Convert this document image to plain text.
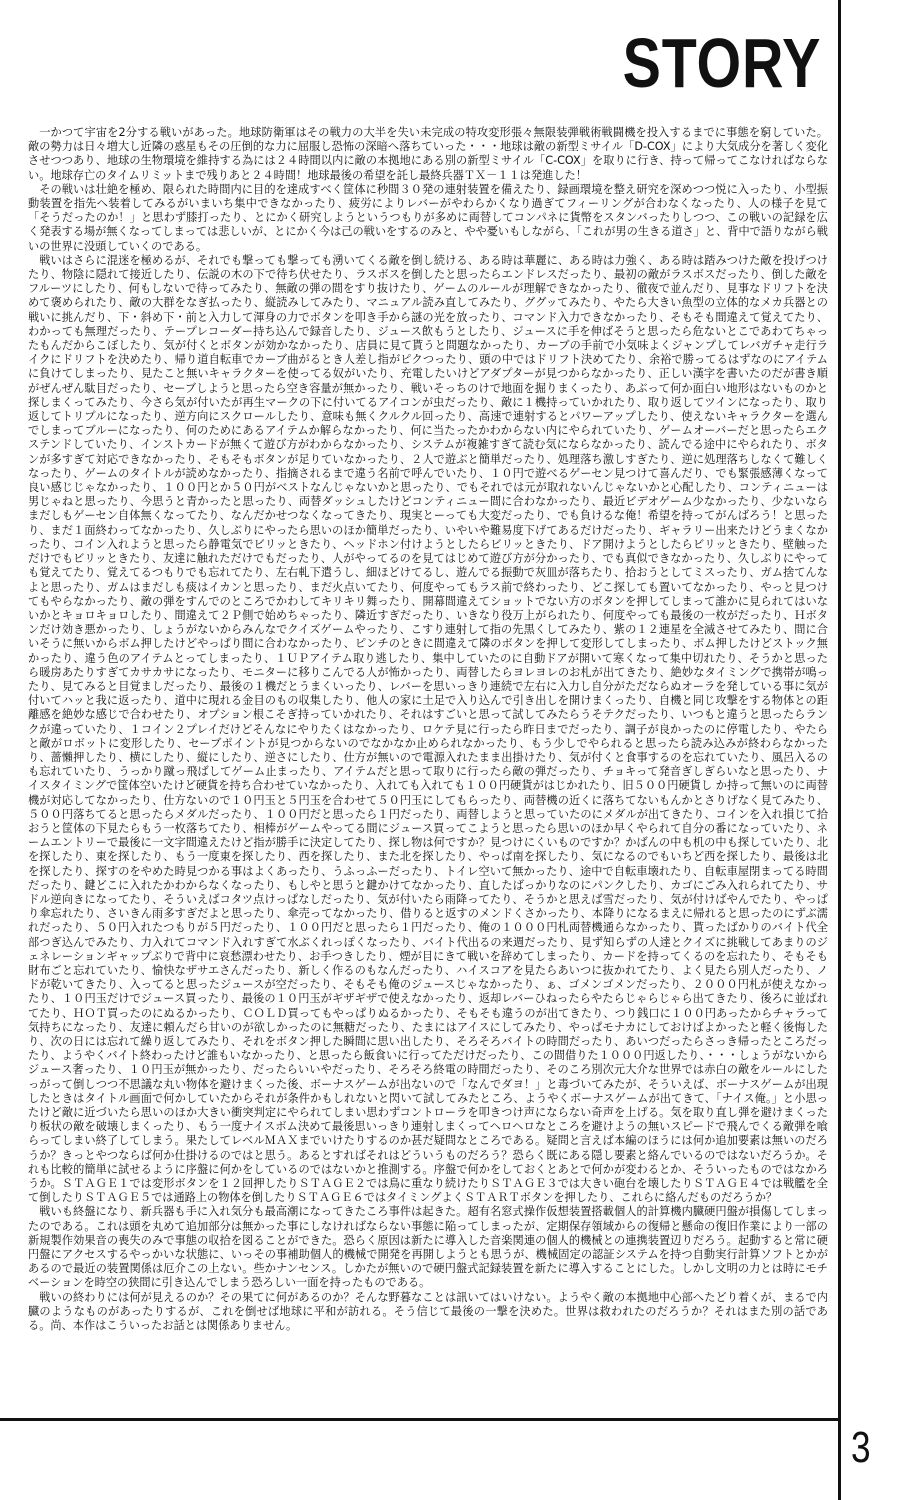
STORY
3

一かつて宇宙を2分する戦いがあった。地球防衛軍はその戦力の大半を失い未完成の特攻変形張々無限装弾戦術戦闘機を投入するまでに事態を窮していた。敵の勢力は日々増大し近隣の惑星もその圧倒的な力に屈服し恐怖の深暗へ落ちていった・・・地球は敵の新型ミサイル「D-COX」により大気成分を著しく変化させつつあり、地球の生物環境を維持する為には２４時間以内に敵の本拠地にある別の新型ミサイル「C-COX」を取りに行き、持って帰ってこなければならない。地球存亡のタイムリミットまで残りあと２４時間！地球最後の希望を託し最終兵器ＴＸ－１１は発進した！

その戦いは壮絶を極め、限られた時間内に目的を達成すべく筐体に秒間３０発の連射装置を備えたり、録画環境を整え研究を深めつつ悦に入ったり、小型振動装置を指先へ装着してみるがいまいち集中できなかったり、疲労によりレバーがやわらかくなり過ぎてフィーリングが合わなくなったり、人の様子を見て「そうだったのか！」と思わず膝打ったり、とにかく研究しようというつもりが多めに両替してコンパネに貨幣をスタンバったりしつつ、この戦いの記録を広く発表する場が無くなってしまっては悲しいが、とにかく今は己の戦いをするのみと、やや憂いもしながら、「これが男の生きる道さ」と、背中で語りながら戦いの世界に没頭していくのである。

戦いはさらに混迷を極めるが、それでも撃っても撃っても湧いてくる敵を倒し続ける、ある時は華麗に、ある時は力強く、ある時は踏みつけた敵を投げつけたり、物陰に隠れて接近したり、伝説の木の下で待ち伏せたり、ラスボスを倒したと思ったらエンドレスだったり、最初の敵がラスボスだったり、倒した敵をフルーツにしたり、何もしないで待ってみたり、無敵の弾の間をすり抜けたり、ゲームのルールが理解できなかったり、徹夜で並んだり、見事なドリフトを決めて褒められたり、敵の大群をなぎ払ったり、縦読みしてみたり、マニュアル読み直してみたり、ググッてみたり、やたら大きい魚型の立体的なメカ兵器との戦いに挑んだり、下・斜め下・前と入力して渾身の力でボタンを叩き手から謎の光を放ったり、コマンド入力できなかったり、そもそも間違えて覚えてたり、わかっても無理だったり、テープレコーダー持ち込んで録音したり、ジュース飲もうとしたり、ジュースに手を伸ばそうと思ったら危ないとこであわてちゃったもんだからこぼしたり、気が付くとボタンが効かなかったり、店員に見て貰うと問題なかったり、カーブの手前で小気味よくジャンプしてレバガチャ走行ライクにドリフトを決めたり、帰り道自転車でカーブ曲がるとき人差し指がピクつったり、頭の中ではドリフト決めてたり、余裕で勝ってるはずなのにアイテムに負けてしまったり、見たこと無いキャラクターを使ってる奴がいたり、充電したいけどアダプターが見つからなかったり、正しい漢字を書いたのだが書き順がぜんぜん駄目だったり、セーブしようと思ったら空き容量が無かったり、戦いそっちのけで地面を掘りまくったり、あぶって何か面白い地形はないものかと探しまくってみたり、今さら気が付いたが再生マークの下に付いてるアイコンが虫だったり、敵に１機持っていかれたり、取り返してツインになったり、取り返してトリプルになったり、逆方向にスクロールしたり、意味も無くクルクル回ったり、高速で連射するとパワーアップしたり、使えないキャラクターを選んでしまってブルーになったり、何のためにあるアイテムか解らなかったり、何に当たったかわからない内にやられていたり、ゲームオーバーだと思ったらエクステンドしていたり、インストカードが無くて遊び方がわからなかったり、システムが複雑すぎて読む気にならなかったり、読んでる途中にやられたり、ボタンが多すぎて対応できなかったり、そもそもボタンが足りていなかったり、２人で遊ぶと簡単だったり、処理落ち激しすぎたり、逆に処理落ちしなくて難しくなったり、ゲームのタイトルが読めなかったり、指摘されるまで違う名前で呼んでいたり、１０円で遊べるゲーセン見つけて喜んだり、でも緊張感薄くなって良い感じじゃなかったり、１００円とか５０円がベストなんじゃないかと思ったり、でもそれでは元が取れないんじゃないかと心配したり、コンティニューは男じゃねと思ったり、今思うと青かったと思ったり、両替ダッシュしたけどコンティニュー間に合わなかったり、最近ビデオゲーム少なかったり、少ないならまだしもゲーセン自体無くなってたり、なんだかせつなくなってきたり、現実とーっても大変だったり、でも負けるな俺！希望を持ってがんばろう！と思ったり、まだ１面終わってなかったり、久しぶりにやったら思いのほか簡単だったり、いやいや難易度下げてあるだけだったり、ギャラリー出来たけどうまくなかったり、コイン入れようと思ったら静電気でビリッときたり、ヘッドホン付けようとしたらビリッときたり、ドア開けようとしたらビリッときたり、壁触っただけでもビリッときたり、友達に触れただけでもだったり、人がやってるのを見てはじめて遊び方が分かったり、でも真似できなかったり、久しぶりにやっても覚えてたり、覚えてるつもりでも忘れてたり、左右軋下遣うし、細ほどけてるし、遊んでる振動で灰皿が落ちたり、拾おうとしてミスったり、ガム捨てんなよと思ったり、ガムはまだしも痰はイカンと思ったり、まだ火点いてたり、何度やってもラス前で終わったり、どこ探しても置いてなかったり、やっと見つけてもやらなかったり、敵の弾をすんでのところでかわしてキリキリ舞ったり、開幕間違えてショットでない方のボタンを押してしまって誰かに見られてはいないかとキョロキョロしたり、間違えて２Ｐ側で始めちゃったり、隣近すぎだったり、いきなり役万上がられたり、何度やっても最後の一枚がだったり、Ｈボタンだけ効き悪かったり、しょうがないからみんなでクイズゲームやったり、こすり連射して指の先黒くしてみたり、紫の１２連星を全滅させてみたり、間に合いそうに無いからボム押したけどやっぱり間に合わなかったり、ピンチのときに間違えて隣のボタンを押して変形してしまったり、ボム押したけどストック無かったり、違う色のアイテムとってしまったり、１ＵＰアイテム取り逃したり、集中していたのに自動ドアが開いて寒くなって集中切れたり、そうかと思ったら暖房あたりすぎてカサカサになったり、モニターに移りこんでる人が怖かったり、両替したらヨレヨレのお札が出てきたり、絶妙なタイミングで携帯が鳴ったり、見てみると目覚ましだったり、最後の１機だとうまくいったり、レバーを思いっきり連続で左右に入力し自分がただならぬオーラを発している事に気が付いてハッと我に返ったり、道中に現れる金目のもの収集したり、他人の家に土足で入り込んで引き出しを開けまくったり、自機と同じ攻撃をする物体との距離感を絶妙な感じで合わせたり、オプション根こそぎ持っていかれたり、それはすごいと思って試してみたらうそテクだったり、いつもと違うと思ったらランクが違っていたり、１コイン２プレイだけどそんなにやりたくはなかったり、ロケテ見に行ったら昨日までだったり、調子が良かったのに停電したり、やたらと敵がロボットに変形したり、セーブポイントが見つからないのでなかなか止められなかったり、もう少しでやられると思ったら読み込みが終わらなかったり、蔷懶押したり、横にしたり、縦にしたり、逆さにしたり、仕方が無いので電源入れたまま出掛けたり、気が付くと食事するのを忘れていたり、風呂入るのも忘れていたり、うっかり蹴っ飛ばしてゲーム止まったり、アイテムだと思って取りに行ったら敵の弾だったり、チョキって発音ぎしぎらいなと思ったり、ナイスタイミングで筐体空いたけど硬貨を持ち合わせていなかったり、入れても入れても１００円硬貨がはじかれたり、旧５００円硬貨し か持って無いのに両替機が対応してなかったり、仕方ないので１０円玉と５円玉を合わせて５０円玉にしてもらったり、両替機の近くに落ちてないもんかとさりげなく見てみたり、５００円落ちてると思ったらメダルだったり、１００円だと思ったら１円だったり、両替しようと思っていたのにメダルが出てきたり、コインを入れ損じて拾おうと筐体の下見たらもう一枚落ちてたり、相棒がゲームやってる間にジュース買ってこようと思ったら思いのほか早くやられて自分の番になっていたり、ネームエントリーで最後に一文字間違えたけど指が勝手に決定してたり、探し物は何ですか？見つけにくいものですか？かばんの中も机の中も探していたり、北を探したり、東を探したり、もう一度東を探したり、西を探したり、また北を探したり、やっぱ南を探したり、気になるのでもいちど西を探したり、最後は北を探したり、探すのをやめた時見つかる事はよくあったり、うふっふーだったり、トイレ空いて無かったり、途中で自転車壊れたり、自転車屋閉まってる時間だったり、鍵どこに入れたかわからなくなったり、もしやと思うと鍵かけてなかったり、直したばっかりなのにパンクしたり、カゴにごみ入れられてたり、サドル逆向きになってたり、そういえばコタツ点けっぱなしだったり、気が付いたら雨降ってたり、そうかと思えば雪だったり、気が付けばやんでたり、やっぱり傘忘れたり、さいきん雨多すぎだよと思ったり、傘売ってなかったり、借りると返すのメンドくさかったり、本降りになるまえに帰れると思ったのにずぶ濡れだったり、５０円入れたつもりが５円だったり、１００円だと思ったら１円だったり、俺の１０００円札両替機通らなかったり、貰ったばかりのバイト代全部つぎ込んでみたり、力入れてコマンド入れすぎて水ぶくれっぽくなったり、バイト代出るの来週だったり、見ず知らずの人達とクイズに挑戦してあまりのジェネレーションギャップぶりで背中に哀愁漂わせたり、お手つきしたり、煙が目にきて戦いを辞めてしまったり、カードを持ってくるのを忘れたり、そもそも財布ごと忘れていたり、愉快なザサエさんだったり、新しく作るのもなんだったり、ハイスコアを見たらあいつに抜かれてたり、よく見たら別人だったり、ノドが乾いてきたり、入ってると思ったジュースが空だったり、そもそも俺のジュースじゃなかったり、ぁ、ゴメンゴメンだったり、２０００円札が使えなかったり、１０円玉だけでジュース買ったり、最後の１０円玉がギザギザで使えなかったり、返却レバーひねったらやたらじゃらじゃら出てきたり、後ろに並ばれてたり、ＨＯＴ買ったのにぬるかったり、ＣＯＬＤ買ってもやっぱりぬるかったり、そもそも違うのが出てきたり、つり銭口に１００円あったからチャラって気持ちになったり、友達に頼んだら甘いのが欲しかったのに無糖だったり、たまにはアイスにしてみたり、やっぱモナカにしておけばよかったと軽く後悔したり、次の日には忘れて繰り返してみたり、それをボタン押した瞬間に思い出したり、そろそろバイトの時間だったり、あいつだったらさっき帰ったところだったり、ようやくバイト終わったけど誰もいなかったり、と思ったら飯食いに行ってただけだったり、この間借りた１０００円返したり、・・・しょうがないからジュース奢ったり、１０円玉が無かったり、だったらいいやだったり、そろそろ終電の時間だったり、そのころ別次元大介な世界では赤白の敵をルールにしたっがって倒しつつ不思議な丸い物体を避けまくった後、ボーナスゲームが出ないので「なんでダヨ！」と毒づいてみたが、そういえば、ボーナスゲームが出現したときはタイトル画面で何かしていたからそれが条件かもしれないと閃いて試してみたところ、ようやくボーナスゲームが出てきて、「ナイス俺。」と小思ったけど敵に近づいたら思いのほか大きい衝突判定にやられてしまい思わずコントローラを叩きつけ声にならない奇声を上げる。気を取り直し弾を避けまくったり板状の敵を破壊しまくったり、もう一度ナイスボム決めて最後思いっきり連射しまくってヘロヘロなところを避けようの無いスピードで飛んでくる敵弾を喰らってしまい終了してしまう。果たしてレベルＭＡＸまでいけたりするのか甚だ疑問なところである。疑問と言えば本編のほうには何か追加要素は無いのだろうか？きっとやつならば何か仕掛けるのではと思う。あるとすればそれはどういうものだろう？恐らく既にある隠し要素と絡んでいるのではないだろうか。それも比較的簡単に試せるように序盤に何かをしているのではないかと推測する。序盤で何かをしておくとあとで何かが変わるとか、そういったものではなかろうか。ＳＴＡＧＥ１では変形ボタンを１２回押したりＳＴＡＧＥ２では鳥に重なり続けたりＳＴＡＧＥ３では大きい砲台を壊したりＳＴＡＧＥ４では戦艦を全て倒したりＳＴＡＧＥ５では通路上の物体を倒したりＳＴＡＧＥ６ではタイミングよくＳＴＡＲＴボタンを押したり、これらに絡んだものだろうか？

戦いも終盤になり、新兵器も手に入れ気分も最高潮になってきたころ事件は起きた。超有名窓式操作仮想装置搭載個人的計算機内臓硬円盤が損傷してしまったのである。これは頭を丸めて追加部分は無かった事にしなければならない事態に陥ってしまったが、定期保存領域からの復帰と懸命の復旧作業により一部の新規製作効果音の喪失のみで事態の収拾を図ることができた。恐らく原因は新たに導入した音楽関連の個人的機械との連携装置辺りだろう。起動すると常に硬円盤にアクセスするやっかいな状態に、いっその事補助個人的機械で開発を再開しようとも思うが、機械固定の認証システムを持つ自動実行計算ソフトとかがあるので最近の装置関係は厄介この上ない。些かナンセンス。しかたが無いので硬円盤式記録装置を新たに導入することにした。しかし文明の力とは時にモチベーションを時空の狭間に引き込んでしまう恐ろしい一面を持ったものである。

戦いの終わりには何が見えるのか？その果てに何があるのか？そんな野暮なことは訊いてはいけない。ようやく敵の本拠地中心部へたどり着くが、まるで内臓のようなものがあったりするが、これを倒せば地球に平和が訪れる。そう信じて最後の一撃を決めた。世界は救われたのだろうか？それはまた別の話である。尚、本作はこういったお話とは関係ありません。
